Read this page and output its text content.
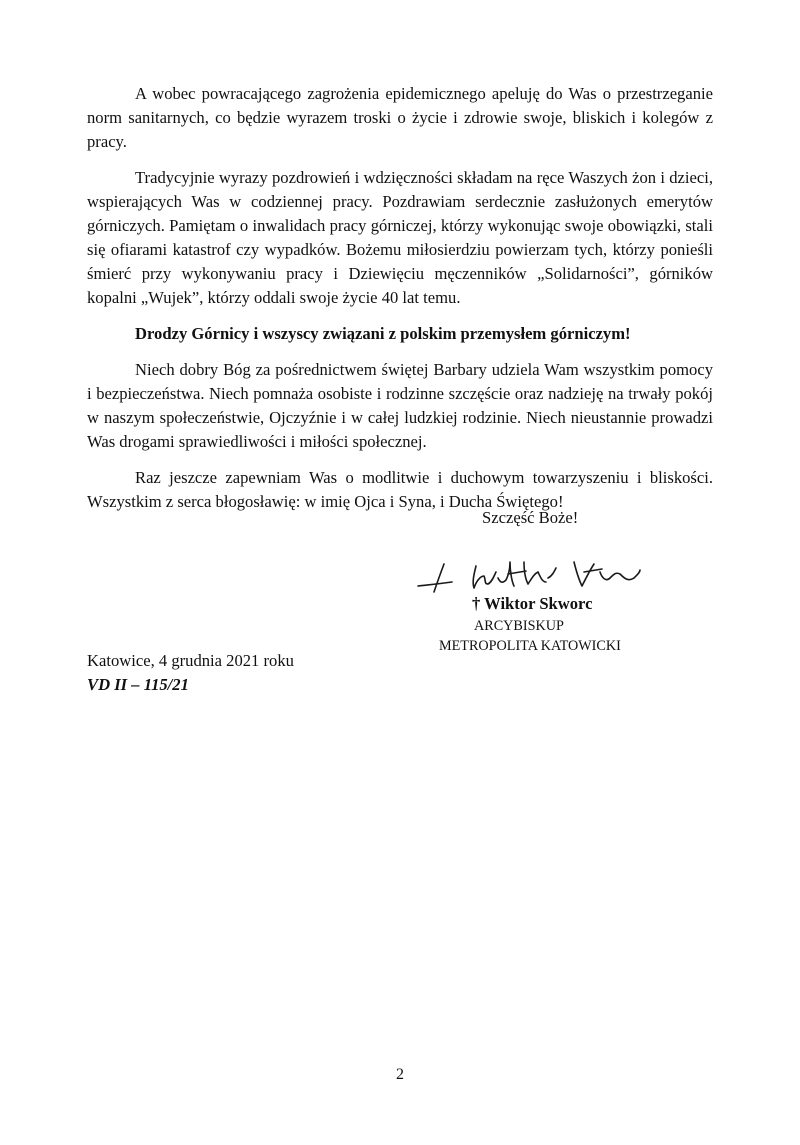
A wobec powracającego zagrożenia epidemicznego apeluję do Was o przestrzeganie norm sanitarnych, co będzie wyrazem troski o życie i zdrowie swoje, bliskich i kolegów z pracy.

Tradycyjnie wyrazy pozdrowień i wdzięczności składam na ręce Waszych żon i dzieci, wspierających Was w codziennej pracy. Pozdrawiam serdecznie zasłużonych emerytów górniczych. Pamiętam o inwalidach pracy górniczej, którzy wykonując swoje obowiązki, stali się ofiarami katastrof czy wypadków. Bożemu miłosierdziu powierzam tych, którzy ponieśli śmierć przy wykonywaniu pracy i Dziewięciu męczenników „Solidarności”, górników kopalni „Wujek”, którzy oddali swoje życie 40 lat temu.

Drodzy Górnicy i wszyscy związani z polskim przemysłem górniczym!

Niech dobry Bóg za pośrednictwem świętej Barbary udziela Wam wszystkim pomocy i bezpieczeństwa. Niech pomnaża osobiste i rodzinne szczęście oraz nadzieję na trwały pokój w naszym społeczeństwie, Ojczyźnie i w całej ludzkiej rodzinie. Niech nieustannie prowadzi Was drogami sprawiedliwości i miłości społecznej.

Raz jeszcze zapewniam Was o modlitwie i duchowym towarzyszeniu i bliskości. Wszystkim z serca błogosławię: w imię Ojca i Syna, i Ducha Świętego!

Szczęść Boże!
† Wiktor Skworc
ARCYBISKUP
METROPOLITA KATOWICKI
Katowice, 4 grudnia 2021 roku
VD II – 115/21
2
